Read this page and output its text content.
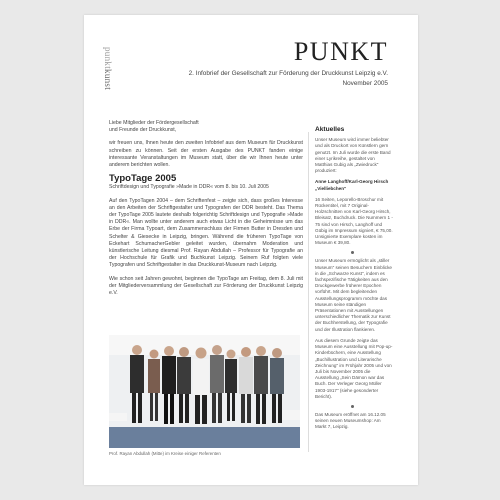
punktkunst
PUNKT
2. Infobrief der Gesellschaft zur Förderung der Druckkunst Leipzig e.V.
November 2005

Liebe Mitglieder der Fördergesellschaft
und Freunde der Druckkunst,

wir freuen uns, Ihnen heute den zweiten Infobrief aus dem Museum für Druckkunst schreiben zu können. Seit der ersten Ausgabe des PUNKT fanden einige interessante Veranstaltungen im Museum statt, über die wir Ihnen heute unter anderem berichten wollen.

TypoTage 2005

Schriftdesign und Typografie »Made in DDR« vom 8. bis 10. Juli 2005

Auf den TypoTagen 2004 – dem Schriftenfest – zeigte sich, dass großes Interesse an den Arbeiten der Schriftgestalter und Typografen der DDR besteht. Das Thema der TypoTage 2005 lautete deshalb folgerichtig Schriftdesign und Typografie »Made in DDR«. Man wollte unter anderem auch etwas Licht in die Geheimnisse um das Erbe der Firma Typoart, dem Zusammenschluss der Firmen Butter in Dresden und Schelter & Giesecke in Leipzig, bringen. Während die früheren TypoTage von Eckehart SchumacherGebler geleitet wurden, übernahm Moderation und künstlerische Leitung diesmal Prof. Rayan Abdullah – Professor für Typografie an der Hochschule für Grafik und Buchkunst Leipzig. Seinem Ruf folgten viele Typografen und Schriftgestalter in das Druckkunst-Museum nach Leipzig.

Wie schon seit Jahren gewohnt, beginnen die TypoTage am Freitag, dem 8. Juli mit der Mitgliederversammlung der Gesellschaft zur Förderung der Druckkunst Leipzig e.V.

Prof. Rayan Abdullah (Mitte) im Kreise einiger Referenten
Aktuelles

Unser Museum wird immer beliebter und als Druckort von Künstlern gern genutzt. Im Juli wurde die erste Band einer Lyrikreihe, gestaltet von Matthias Gubig als „Zwiedruck" produziert:

Anne Langhoff/Karl-Georg Hirsch „Vielliebchen"

16 Seiten, Leporello-Broschur mit Rückentitel, mit 7 Original-Holzschnitten von Karl-Georg Hirsch, Bleisatz, Buchdruck. Die Nummern 1 - 75 sind von Hirsch, Langhoff und Gübig im Impressum signiert, € 75,00. Unsignierte Exemplare kosten im Museum € 39,80.

Unser Museum ermöglicht als „stiller Museum" seinen Besuchern Einblicke in die „Schwarze Kunst", indem es fachspezifische Tätigkeiten aus den Druckgewerbe früherer Epochen vorführt. Mit dem begleitenden Ausstellungsprogramm möchte das Museum seine ständigen Präsentationen mit Ausstellungen unterschiedlicher Thematik zur Kunst der Buchherstellung, der Typografie und der Illustration flankieren.

Aus diesem Grunde zeigte das Museum eine Ausstellung mit Pop-up-Kinderbüchern, eine Ausstellung „Buchillustration und Literarische Zeichnung" im Frühjahr 2005 und von Juli bis November 2005 die Ausstellung „Sein Dämon war das Buch. Der Verleger Georg Müller 1903-1917" (siehe gesonderter Bericht).

Das Museum eröffnet am 16.12.05 seinen neuen Museumshop: Am Markt 7, Leipzig.
